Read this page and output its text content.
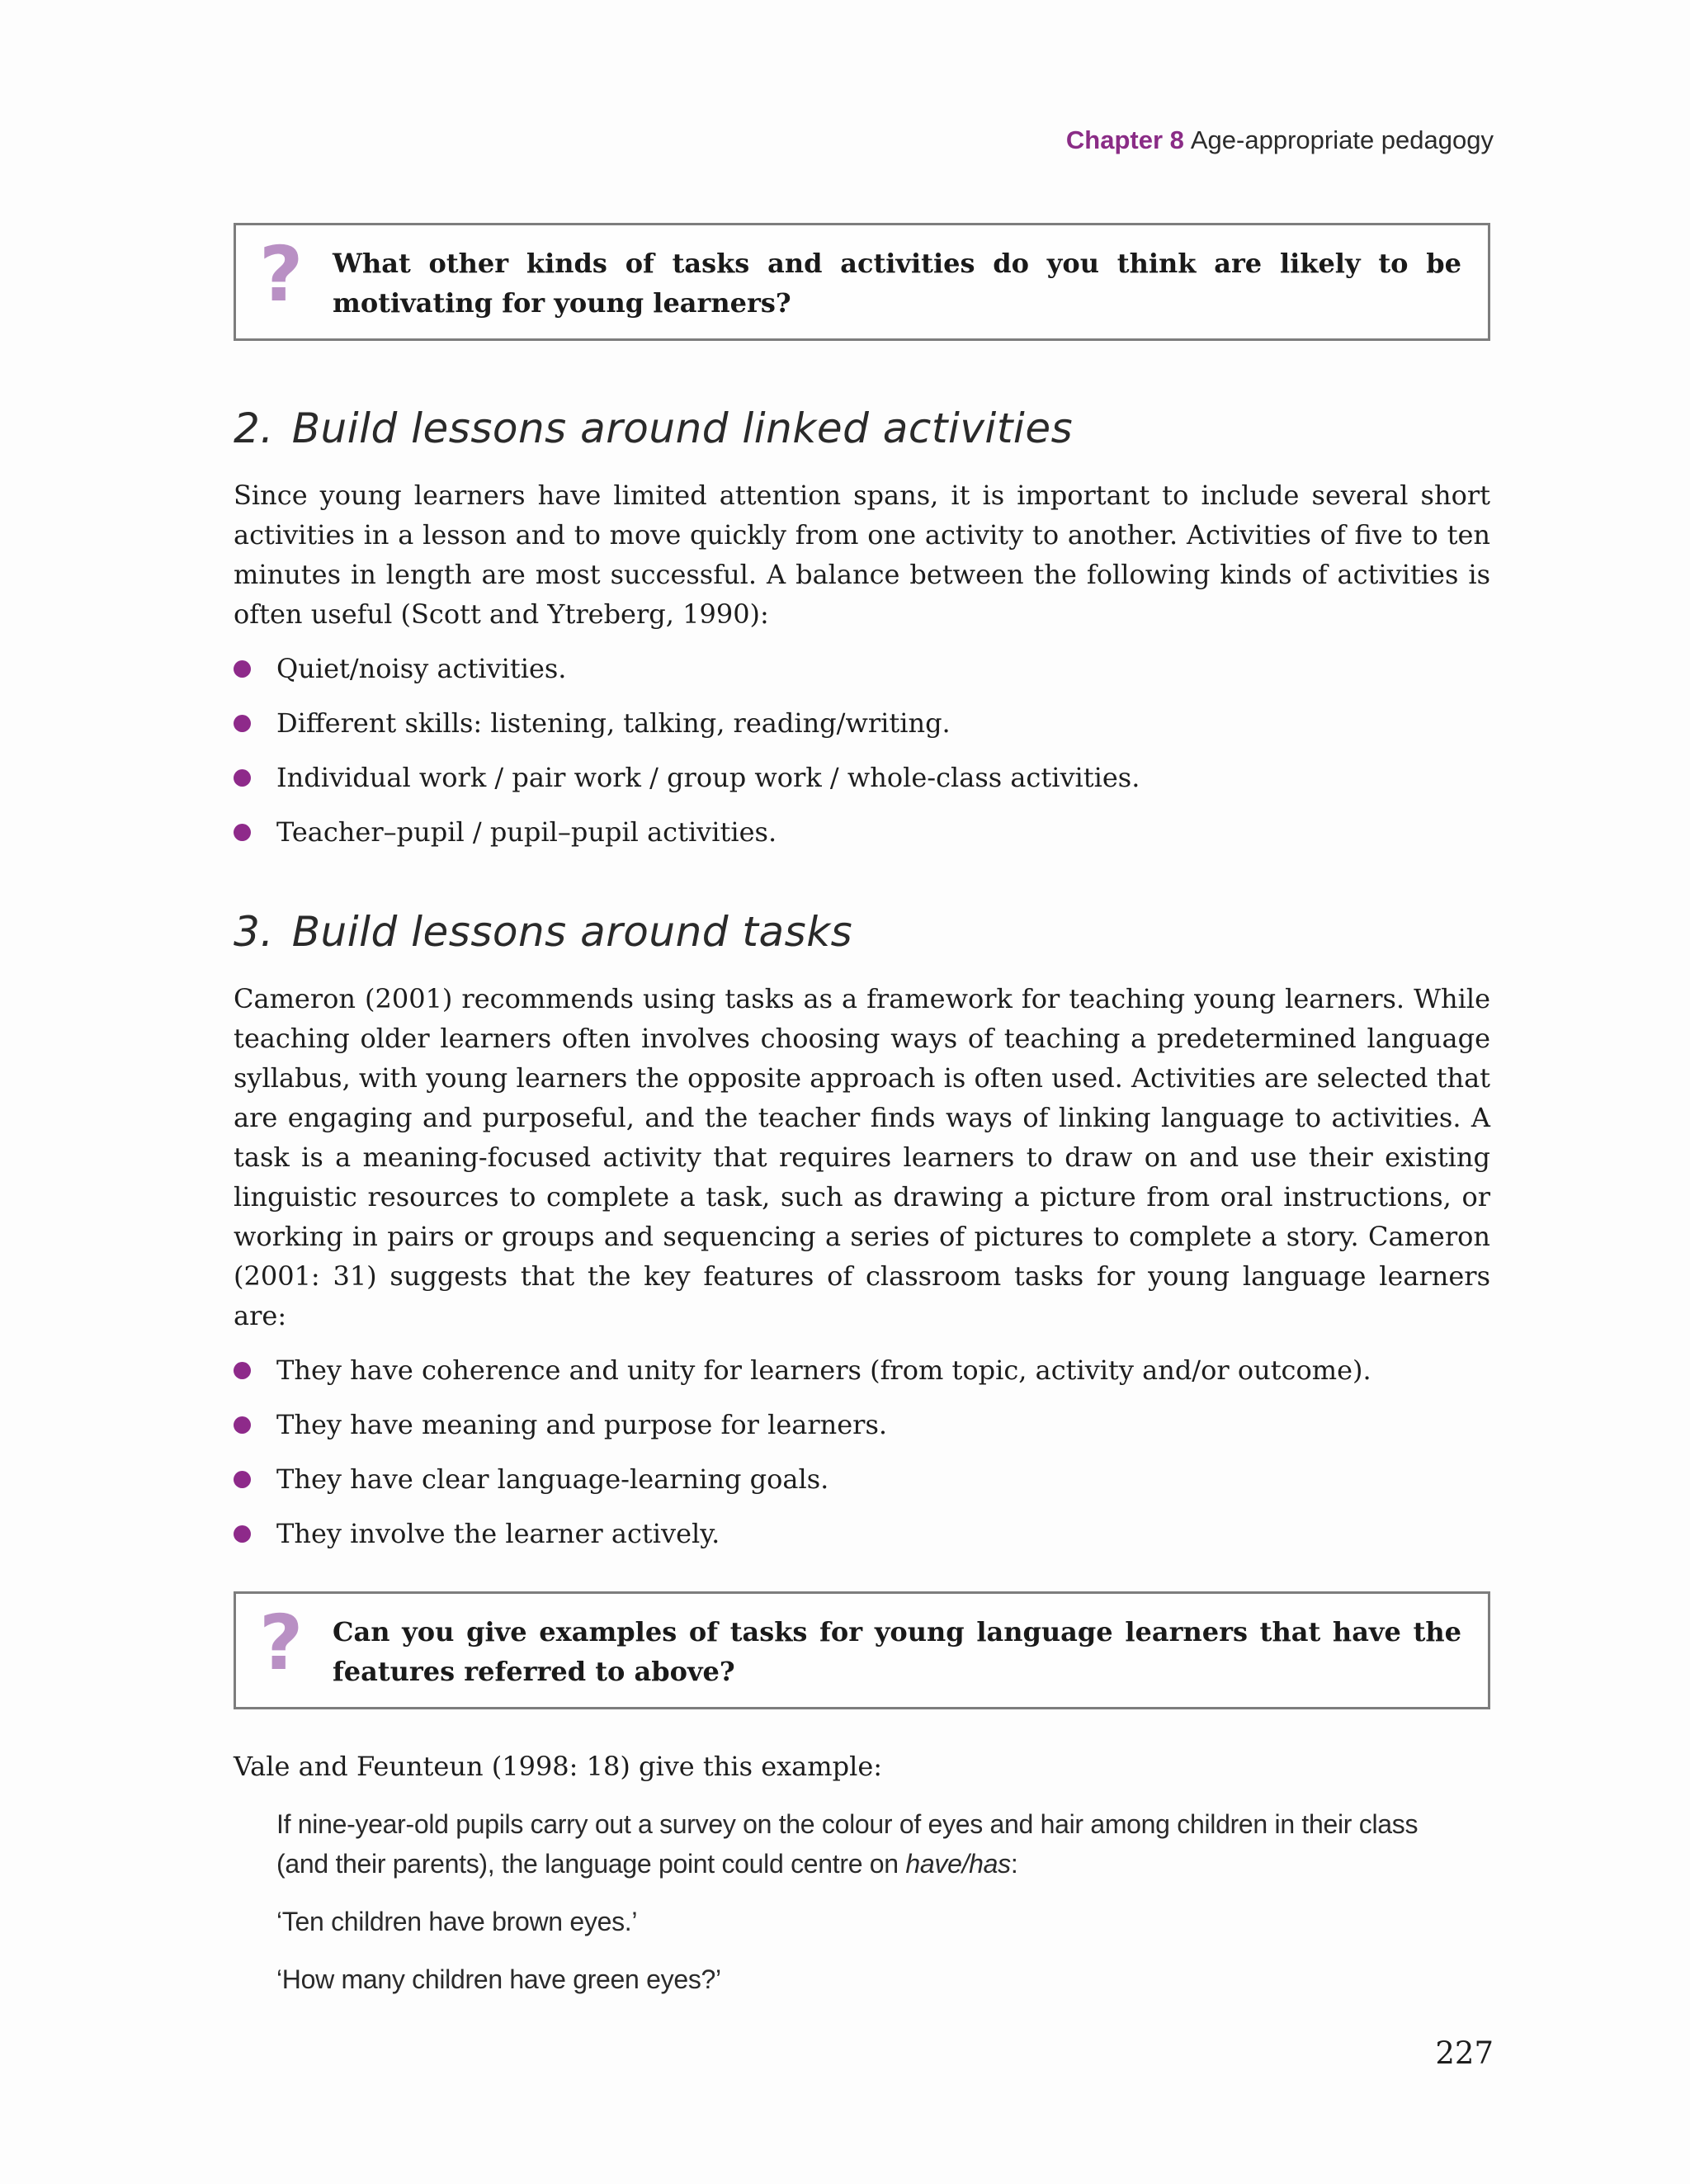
Chapter 8 Age-appropriate pedagogy
? What other kinds of tasks and activities do you think are likely to be motivating for young learners?
2. Build lessons around linked activities
Since young learners have limited attention spans, it is important to include several short activities in a lesson and to move quickly from one activity to another. Activities of five to ten minutes in length are most successful. A balance between the following kinds of activities is often useful (Scott and Ytreberg, 1990):
Quiet/noisy activities.
Different skills: listening, talking, reading/writing.
Individual work / pair work / group work / whole-class activities.
Teacher–pupil / pupil–pupil activities.
3. Build lessons around tasks
Cameron (2001) recommends using tasks as a framework for teaching young learners. While teaching older learners often involves choosing ways of teaching a predetermined language syllabus, with young learners the opposite approach is often used. Activities are selected that are engaging and purposeful, and the teacher finds ways of linking language to activities. A task is a meaning-focused activity that requires learners to draw on and use their existing linguistic resources to complete a task, such as drawing a picture from oral instructions, or working in pairs or groups and sequencing a series of pictures to complete a story. Cameron (2001: 31) suggests that the key features of classroom tasks for young language learners are:
They have coherence and unity for learners (from topic, activity and/or outcome).
They have meaning and purpose for learners.
They have clear language-learning goals.
They involve the learner actively.
? Can you give examples of tasks for young language learners that have the features referred to above?
Vale and Feunteun (1998: 18) give this example:
If nine-year-old pupils carry out a survey on the colour of eyes and hair among children in their class (and their parents), the language point could centre on have/has:
‘Ten children have brown eyes.’
‘How many children have green eyes?’
227
